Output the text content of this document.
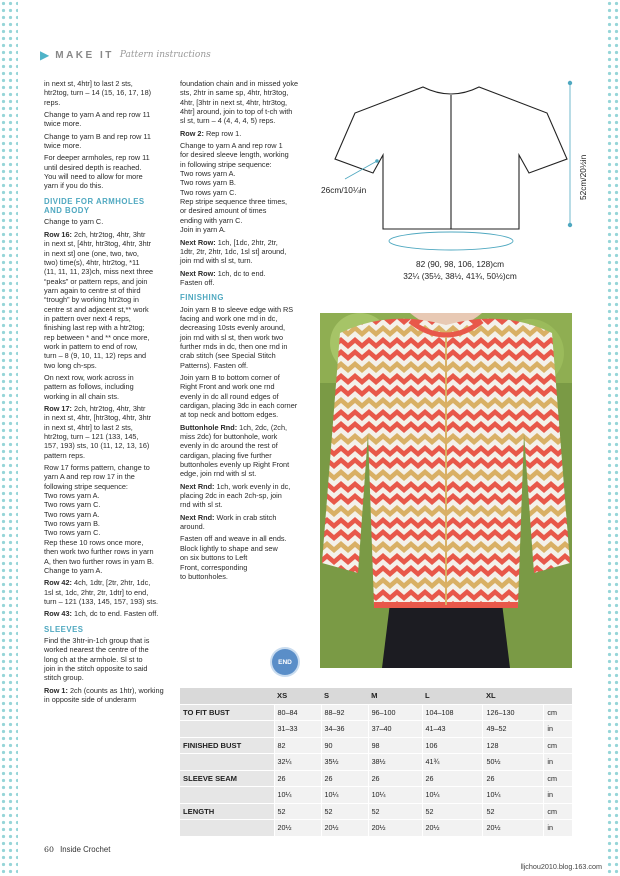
▶ MAKE IT Pattern instructions

in next st, 4htr] to last 2 sts,
htr2tog, turn – 14 (15, 16, 17, 18)
reps.

Change to yarn A and rep row 11
twice more.

Change to yarn B and rep row 11
twice more.

For deeper armholes, rep row 11
until desired depth is reached.
You will need to allow for more
yarn if you do this.

DIVIDE FOR ARMHOLES
AND BODY

Change to yarn C.

Row 16: 2ch, htr2tog, 4htr, 3htr
in next st, [4htr, htr3tog, 4htr, 3htr
in next st] one (one, two, two,
two) time(s), 4htr, htr2tog, *11
(11, 11, 11, 23)ch, miss next three
“peaks” or pattern reps, and join
yarn again to centre st of third
“trough” by working htr2tog in
centre st and adjacent st,** work
in pattern over next 4 reps,
finishing last rep with a htr2tog;
rep between * and ** once more,
work in pattern to end of row,
turn – 8 (9, 10, 11, 12) reps and
two long ch-sps.

On next row, work across in
pattern as follows, including
working in all chain sts.

Row 17: 2ch, htr2tog, 4htr, 3htr
in next st, 4htr, [htr3tog, 4htr, 3htr
in next st, 4htr] to last 2 sts,
htr2tog, turn – 121 (133, 145,
157, 193) sts, 10 (11, 12, 13, 16)
pattern reps.

Row 17 forms pattern, change to
yarn A and rep row 17 in the
following stripe sequence:
Two rows yarn A.
Two rows yarn C.
Two rows yarn A.
Two rows yarn B.
Two rows yarn C.
Rep these 10 rows once more,
then work two further rows in yarn
A, then two further rows in yarn B.
Change to yarn A.

Row 42: 4ch, 1dtr, [2tr, 2htr, 1dc,
1sl st, 1dc, 2htr, 2tr, 1dtr] to end,
turn – 121 (133, 145, 157, 193) sts.

Row 43: 1ch, dc to end. Fasten off.

SLEEVES

Find the 3htr-in-1ch group that is
worked nearest the centre of the
long ch at the armhole. Sl st to
join in the stitch opposite to said
stitch group.

Row 1: 2ch (counts as 1htr), working
in opposite side of underarm

foundation chain and in missed yoke
sts, 2htr in same sp, 4htr, htr3tog,
4htr, [3htr in next st, 4htr, htr3tog,
4htr] around, join to top of t-ch with
sl st, turn – 4 (4, 4, 4, 5) reps.

Row 2: Rep row 1.

Change to yarn A and rep row 1
for desired sleeve length, working
in following stripe sequence:
Two rows yarn A.
Two rows yarn B.
Two rows yarn C.
Rep stripe sequence three times,
or desired amount of times
ending with yarn C.
Join in yarn A.

Next Row: 1ch, [1dc, 2htr, 2tr,
1dtr, 2tr, 2htr, 1dc, 1sl st] around,
join rnd with sl st, turn.

Next Row: 1ch, dc to end.
Fasten off.

FINISHING

Join yarn B to sleeve edge with RS
facing and work one rnd in dc,
decreasing 10sts evenly around,
join rnd with sl st, then work two
further rnds in dc, then one rnd in
crab stitch (see Special Stitch
Patterns). Fasten off.

Join yarn B to bottom corner of
Right Front and work one rnd
evenly in dc all round edges of
cardigan, placing 3dc in each corner
at top neck and bottom edges.

Buttonhole Rnd: 1ch, 2dc, (2ch,
miss 2dc) for buttonhole, work
evenly in dc around the rest of
cardigan, placing five further
buttonholes evenly up Right Front
edge, join rnd with sl st.

Next Rnd: 1ch, work evenly in dc,
placing 2dc in each 2ch-sp, join
rnd with sl st.

Next Rnd: Work in crab stitch
around.

Fasten off and weave in all ends.
Block lightly to shape and sew
on six buttons to Left
Front, corresponding
to buttonholes.

26cm/10¼in	52cm/20½in
82 (90, 98, 106, 128)cm
32¼ (35½, 38½, 41¾, 50½)cm
END
	XS	S	M	L	XL	
TO FIT BUST	80–84	88–92	96–100	104–108	126–130	cm
	31–33	34–36	37–40	41–43	49–52	in
FINISHED BUST	82	90	98	106	128	cm
	32¼	35½	38½	41¾	50½	in
SLEEVE SEAM	26	26	26	26	26	cm
	10¼	10¼	10¼	10¼	10¼	in
LENGTH	52	52	52	52	52	cm
	20½	20½	20½	20½	20½	in
60 Inside Crochet
lljchou2010.blog.163.com
